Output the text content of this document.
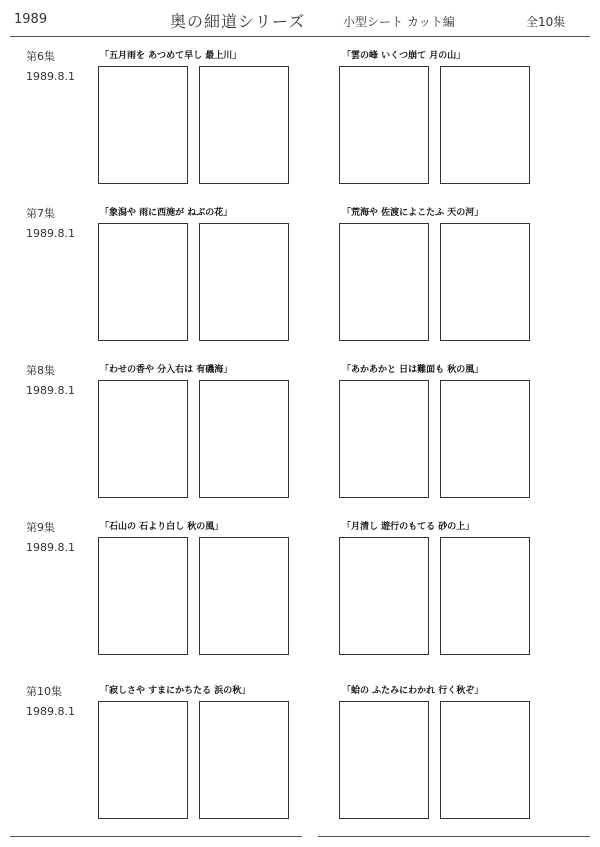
1989	奥の細道シリーズ	小型シート カット編	全10集
第6集
1989.8.1
「五月雨を あつめて早し 最上川」	「雲の峰 いくつ崩て 月の山」
第7集
1989.8.1
「象潟や 雨に西施が ねぶの花」	「荒海や 佐渡によこたふ 天の河」
第8集
1989.8.1
「わせの香や 分入右は 有磯海」	「あかあかと 日は難面も 秋の風」
第9集
1989.8.1
「石山の 石より白し 秋の風」	「月清し 遊行のもてる 砂の上」
第10集
1989.8.1
「寂しさや すまにかちたる 浜の秋」	「蛤の ふたみにわかれ 行く秋ぞ」
